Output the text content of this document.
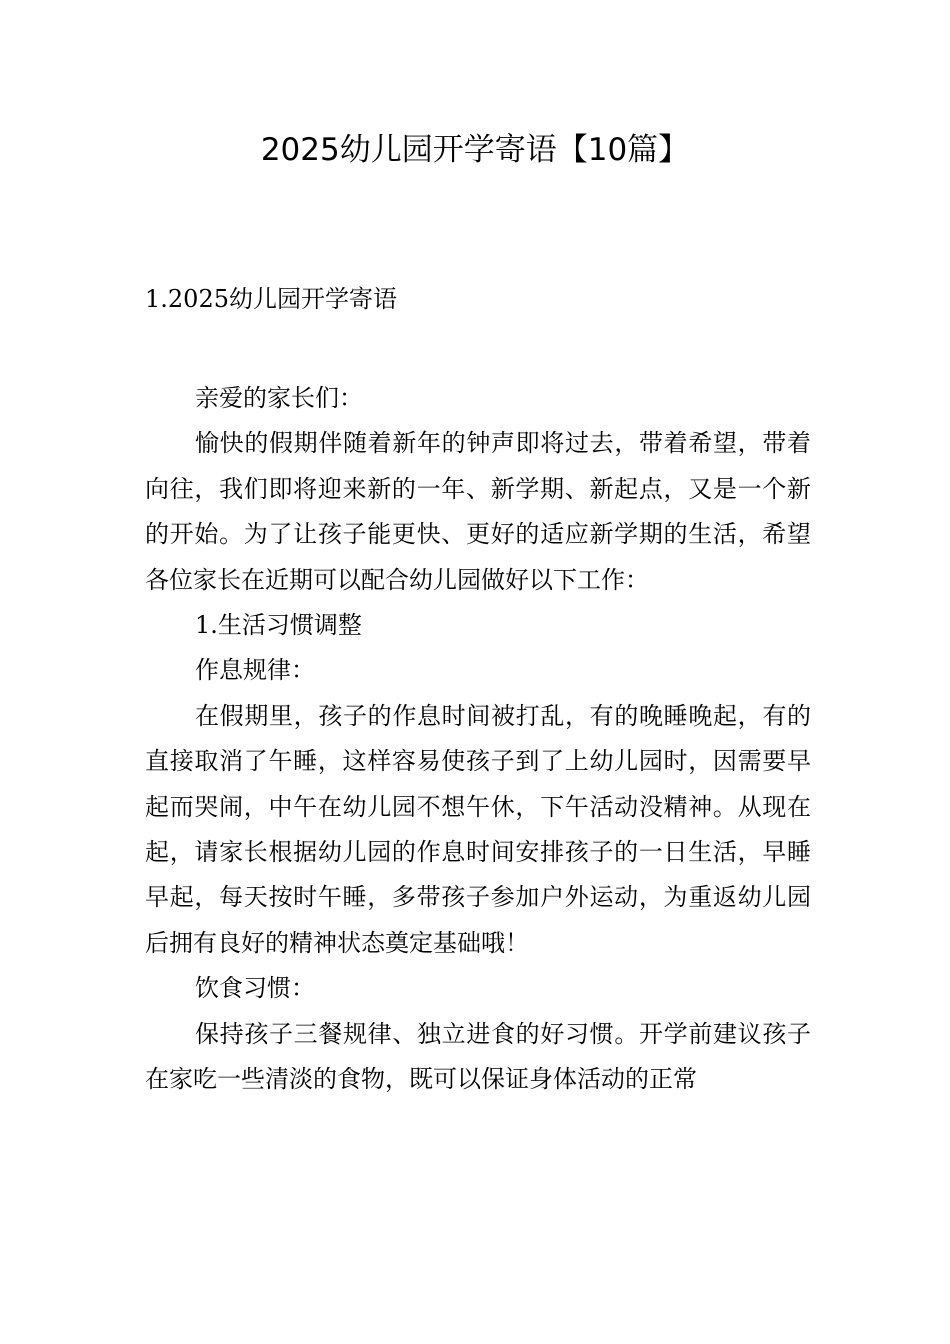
2025幼儿园开学寄语【10篇】
1.2025幼儿园开学寄语

亲爱的家长们：

愉快的假期伴随着新年的钟声即将过去，带着希望，带着向往，我们即将迎来新的一年、新学期、新起点，又是一个新的开始。为了让孩子能更快、更好的适应新学期的生活，希望各位家长在近期可以配合幼儿园做好以下工作：

1.生活习惯调整

作息规律：

在假期里，孩子的作息时间被打乱，有的晚睡晚起，有的直接取消了午睡，这样容易使孩子到了上幼儿园时，因需要早起而哭闹，中午在幼儿园不想午休，下午活动没精神。从现在起，请家长根据幼儿园的作息时间安排孩子的一日生活，早睡早起，每天按时午睡，多带孩子参加户外运动，为重返幼儿园后拥有良好的精神状态奠定基础哦！

饮食习惯：

保持孩子三餐规律、独立进食的好习惯。开学前建议孩子在家吃一些清淡的食物，既可以保证身体活动的正常
